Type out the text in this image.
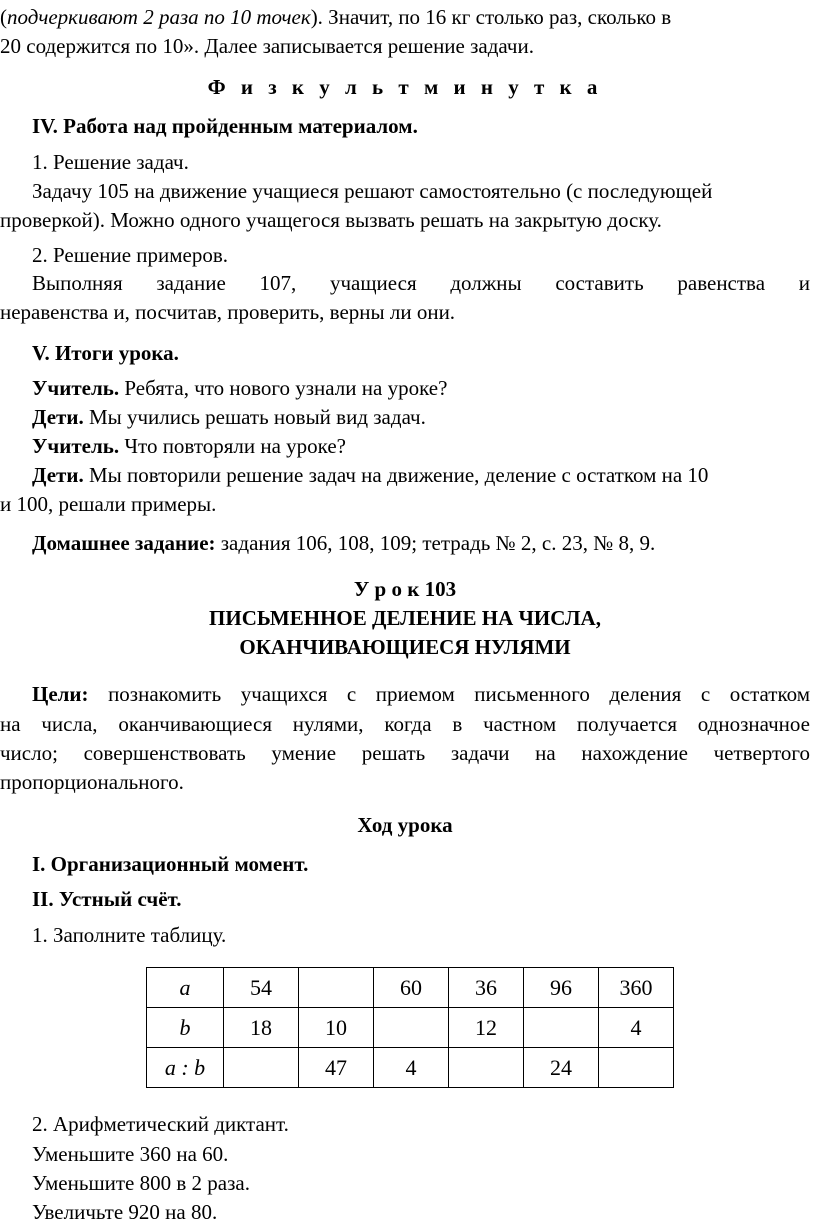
(подчеркивают 2 раза по 10 точек). Значит, по 16 кг столько раз, сколько в
20 содержится по 10». Далее записывается решение задачи.
Ф и з к у л ь т м и н у т к а
IV. Работа над пройденным материалом.
1. Решение задач.
Задачу 105 на движение учащиеся решают самостоятельно (с последующей
проверкой). Можно одного учащегося вызвать решать на закрытую доску.
2. Решение примеров.
Выполняя задание 107, учащиеся должны составить равенства и
неравенства и, посчитав, проверить, верны ли они.
V. Итоги урока.
Учитель. Ребята, что нового узнали на уроке?
Дети. Мы учились решать новый вид задач.
Учитель. Что повторяли на уроке?
Дети. Мы повторили решение задач на движение, деление с остатком на 10
и 100, решали примеры.
Домашнее задание: задания 106, 108, 109; тетрадь № 2, с. 23, № 8, 9.
У р о к 103
ПИСЬМЕННОЕ ДЕЛЕНИЕ НА ЧИСЛА,
ОКАНЧИВАЮЩИЕСЯ НУЛЯМИ
Цели: познакомить учащихся с приемом письменного деления с остатком
на числа, оканчивающиеся нулями, когда в частном получается однозначное
число; совершенствовать умение решать задачи на нахождение четвертого
пропорционального.
Ход урока
I. Организационный момент.
II. Устный счёт.
1. Заполните таблицу.
a	54		60	36	96	360
b	18	10		12		4
a : b		47	4		24	
2. Арифметический диктант.
Уменьшите 360 на 60.
Уменьшите 800 в 2 раза.
Увеличьте 920 на 80.
